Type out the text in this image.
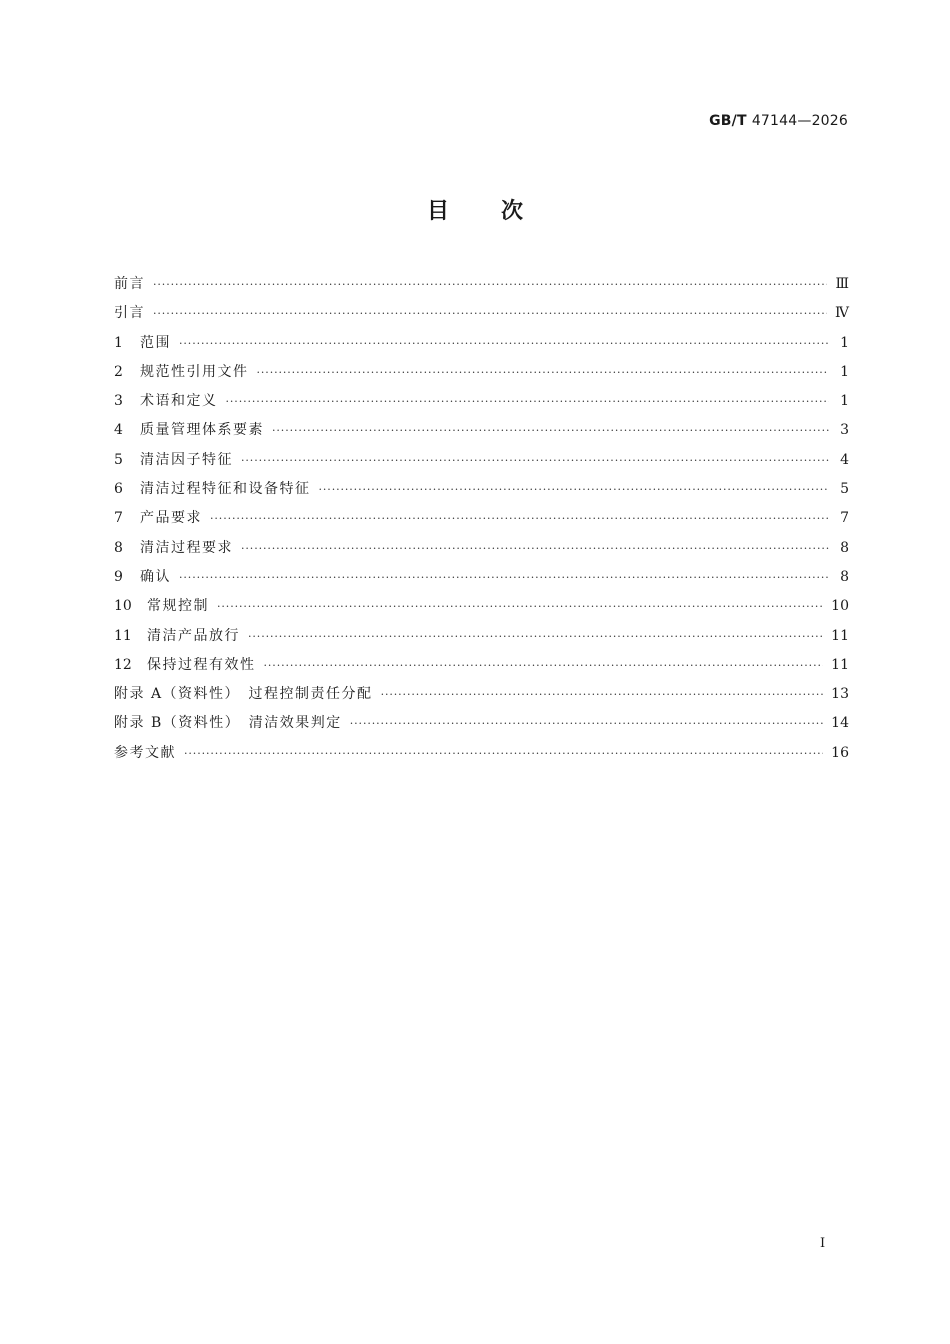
GB/T 47144—2026
目次
前言 ·····	Ⅲ
引言 ·····	Ⅳ
1	范围 ·····	1
2	规范性引用文件 ·····	1
3	术语和定义 ·····	1
4	质量管理体系要素 ·····	3
5	清洁因子特征 ·····	4
6	清洁过程特征和设备特征 ·····	5
7	产品要求 ·····	7
8	清洁过程要求 ·····	8
9	确认 ·····	8
10	常规控制 ·····	10
11	清洁产品放行 ·····	11
12	保持过程有效性 ·····	11
附录 A（资料性）　过程控制责任分配 ·····	13
附录 B（资料性）　清洁效果判定 ·····	14
参考文献 ·····	16
I
